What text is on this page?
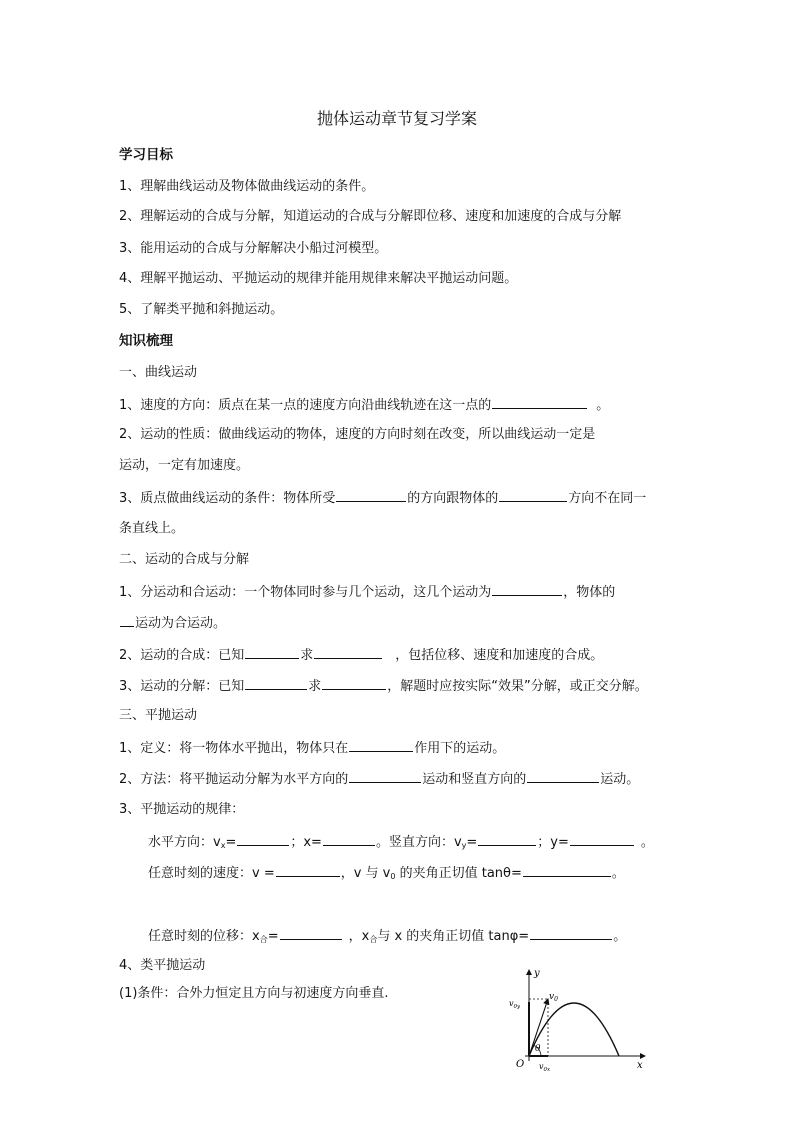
抛体运动章节复习学案
学习目标
1、理解曲线运动及物体做曲线运动的条件。
2、理解运动的合成与分解，知道运动的合成与分解即位移、速度和加速度的合成与分解
3、能用运动的合成与分解解决小船过河模型。
4、理解平抛运动、平抛运动的规律并能用规律来解决平抛运动问题。
5、了解类平抛和斜抛运动。
知识梳理
一、曲线运动
1、速度的方向：质点在某一点的速度方向沿曲线轨迹在这一点的	。
2、运动的性质：做曲线运动的物体，速度的方向时刻在改变，所以曲线运动一定是
运动，一定有加速度。
3、质点做曲线运动的条件：物体所受	的方向跟物体的	方向不在同一
条直线上。
二、运动的合成与分解
1、分运动和合运动：一个物体同时参与几个运动，这几个运动为	，物体的
运动为合运动。
2、运动的合成：已知	求	，包括位移、速度和加速度的合成。
3、运动的分解：已知	求	，解题时应按实际“效果”分解，或正交分解。
三、平抛运动
1、定义：将一物体水平抛出，物体只在	作用下的运动。
2、方法：将平抛运动分解为水平方向的	运动和竖直方向的	运动。
3、平抛运动的规律：
水平方向：$v_x=$	；x=	。竖直方向：$v_y=$	；y=	。
任意时刻的速度：v =	，v 与 $v_0$ 的夹角正切值 tanθ=	。
任意时刻的位移：$x_合=$	，$x_合$与 x 的夹角正切值 tanφ=	。
4、类平抛运动
(1)条件：合外力恒定且方向与初速度方向垂直.
y
x
O
θ
$v_0$
$v_{0y}$
$v_{0x}$
